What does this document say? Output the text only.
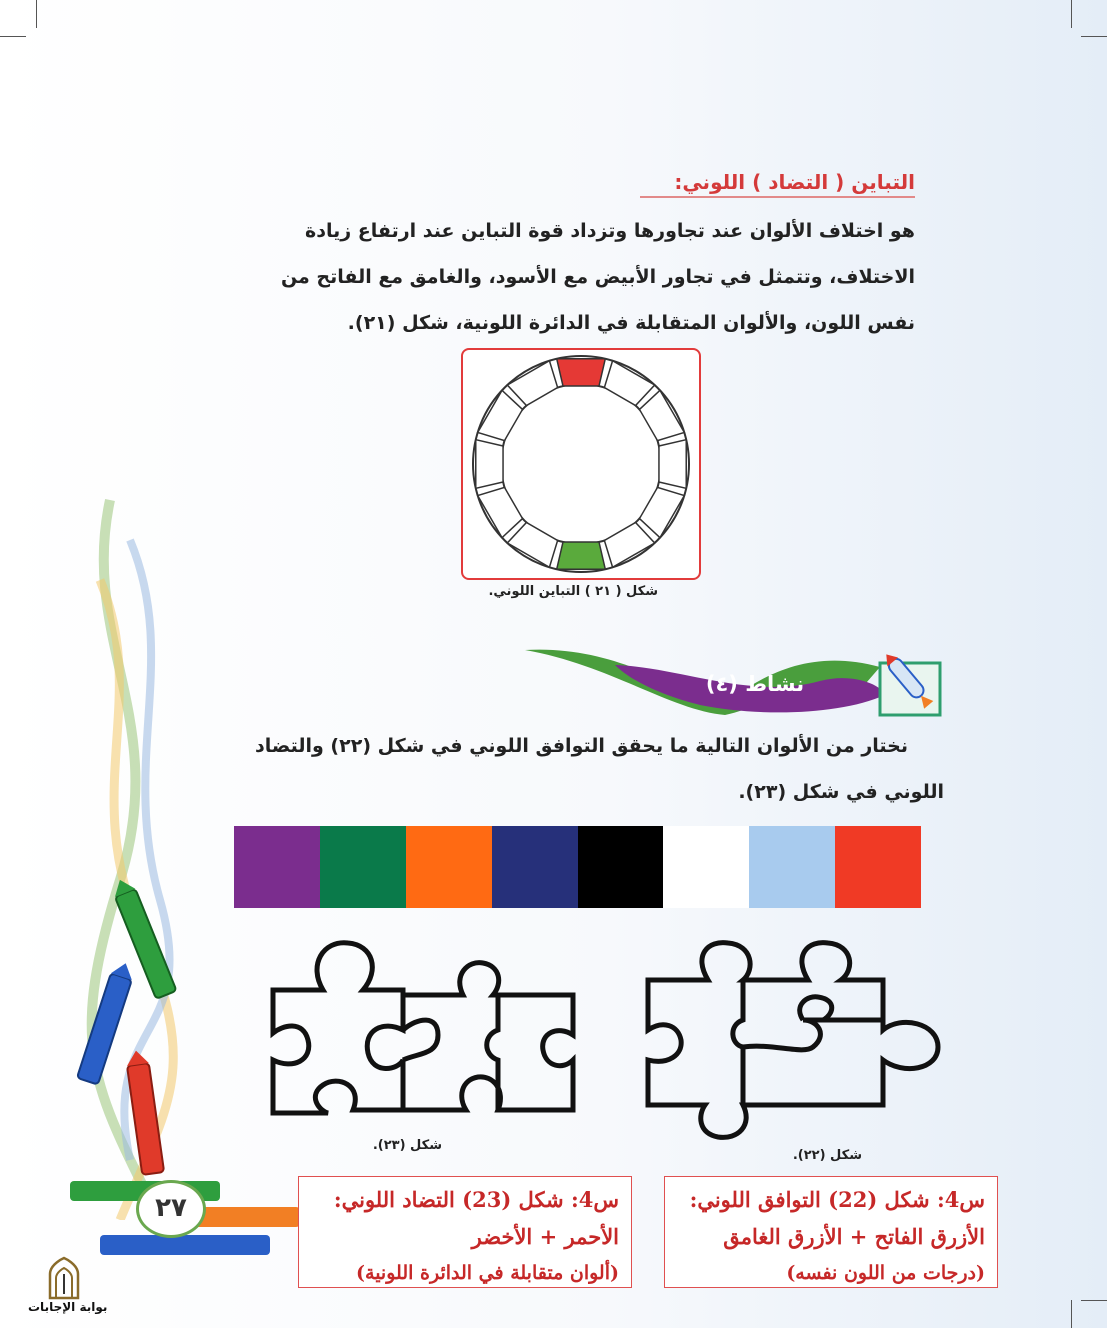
التباين ( التضاد ) اللوني:
هو اختلاف الألوان عند تجاورها وتزداد قوة التباين عند ارتفاع زيادة
الاختلاف، وتتمثل في تجاور الأبيض مع الأسود، والغامق مع الفاتح من
نفس اللون، والألوان المتقابلة في الدائرة اللونية، شكل (٢١).
شكل ( ٢١ ) التباين اللوني.
نشاط (٤)
نختار من الألوان التالية ما يحقق التوافق اللوني في شكل (٢٢) والتضاد
اللوني في شكل (٢٣).
شكل (٢٣).
شكل (٢٢).
س4: شكل (22) التوافق اللوني:
الأزرق الفاتح + الأزرق الغامق
(درجات من اللون نفسه)
س4: شكل (23) التضاد اللوني:
الأحمر + الأخضر
(ألوان متقابلة في الدائرة اللونية)
٢٧
بوابة الإجابات
